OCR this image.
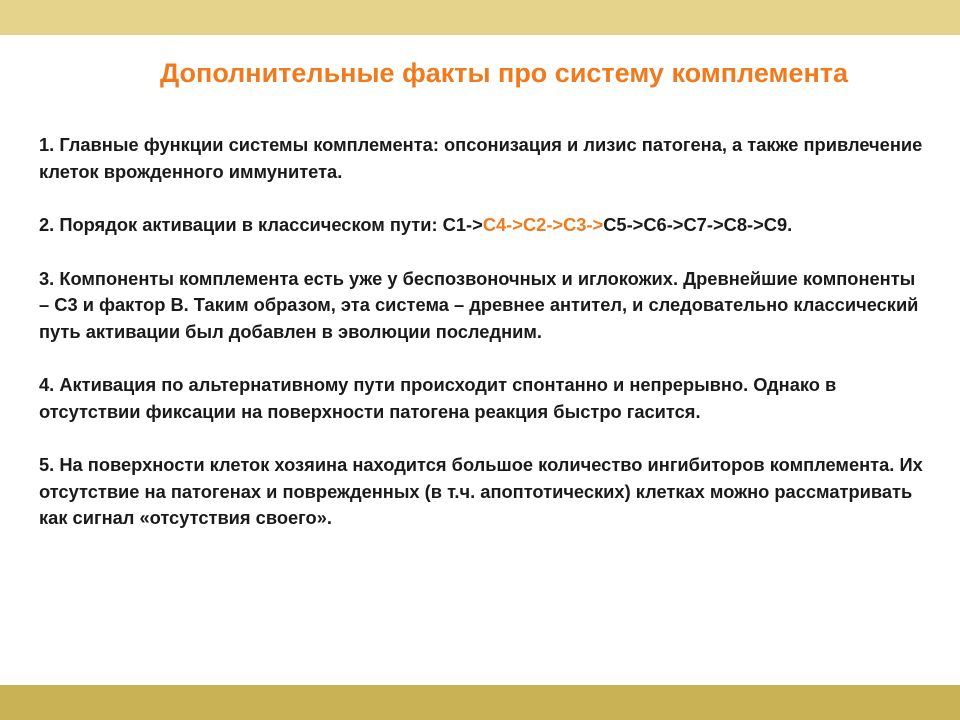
Дополнительные факты про систему комплемента

1. Главные функции системы комплемента: опсонизация и лизис патогена, а также привлечение клеток врожденного иммунитета.

2. Порядок активации в классическом пути: С1->С4->С2->С3->С5->С6->С7->С8->С9.

3. Компоненты комплемента есть уже у беспозвоночных и иглокожих. Древнейшие компоненты – С3 и фактор В. Таким образом, эта система – древнее антител, и следовательно классический путь активации был добавлен в эволюции последним.

4. Активация по альтернативному пути происходит спонтанно и непрерывно. Однако в отсутствии фиксации на поверхности патогена реакция быстро гасится.

5. На поверхности клеток хозяина находится большое количество ингибиторов комплемента. Их отсутствие на патогенах и поврежденных (в т.ч. апоптотических) клетках можно рассматривать как сигнал «отсутствия своего».
